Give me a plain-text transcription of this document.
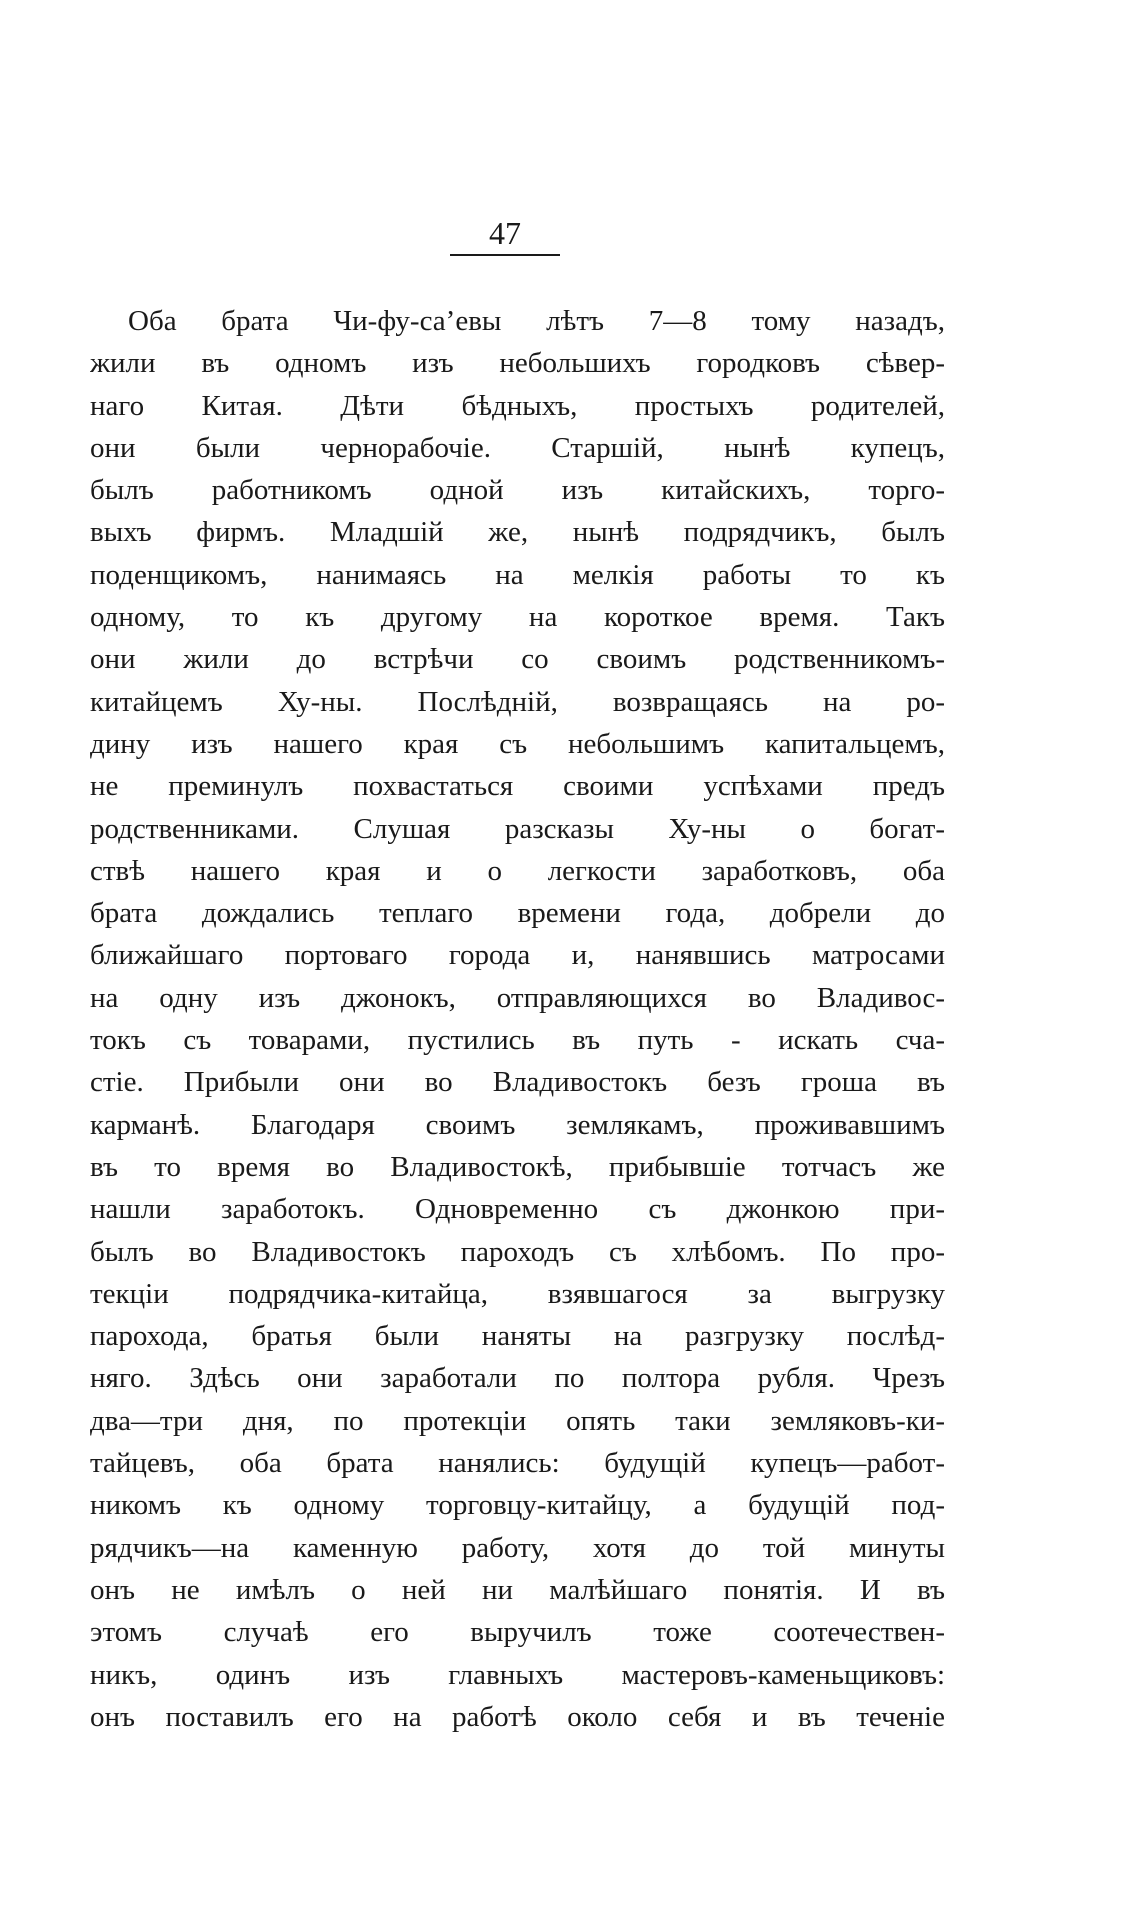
47
Оба брата Чи-фу-са’евы лѣтъ 7—8 тому назадъ,
жили въ одномъ изъ небольшихъ городковъ сѣвер-
наго Китая. Дѣти бѣдныхъ, простыхъ родителей,
они были чернорабочіе. Старшій, нынѣ купецъ,
былъ работникомъ одной изъ китайскихъ, торго-
выхъ фирмъ. Младшій же, нынѣ подрядчикъ, былъ
поденщикомъ, нанимаясь на мелкія работы то къ
одному, то къ другому на короткое время. Такъ
они жили до встрѣчи со своимъ родственникомъ-
китайцемъ Ху-ны. Послѣдній, возвращаясь на ро-
дину изъ нашего края съ небольшимъ капитальцемъ,
не преминулъ похвастаться своими успѣхами предъ
родственниками. Слушая разсказы Ху-ны о богат-
ствѣ нашего края и о легкости заработковъ, оба
брата дождались теплаго времени года, добрели до
ближайшаго портоваго города и, нанявшись матросами
на одну изъ джонокъ, отправляющихся во Владивос-
токъ съ товарами, пустились въ путь - искать сча-
стіе. Прибыли они во Владивостокъ безъ гроша въ
карманѣ. Благодаря своимъ землякамъ, проживавшимъ
въ то время во Владивостокѣ, прибывшіе тотчасъ же
нашли заработокъ. Одновременно съ джонкою при-
былъ во Владивостокъ пароходъ съ хлѣбомъ. По про-
текціи подрядчика-китайца, взявшагося за выгрузку
парохода, братья были наняты на разгрузку послѣд-
няго. Здѣсь они заработали по полтора рубля. Чрезъ
два—три дня, по протекціи опять таки земляковъ-ки-
тайцевъ, оба брата нанялись: будущій купецъ—работ-
никомъ къ одному торговцу-китайцу, а будущій под-
рядчикъ—на каменную работу, хотя до той минуты
онъ не имѣлъ о ней ни малѣйшаго понятія. И въ
этомъ случаѣ его выручилъ тоже соотечествен-
никъ, одинъ изъ главныхъ мастеровъ-каменьщиковъ:
онъ поставилъ его на работѣ около себя и въ теченіе
